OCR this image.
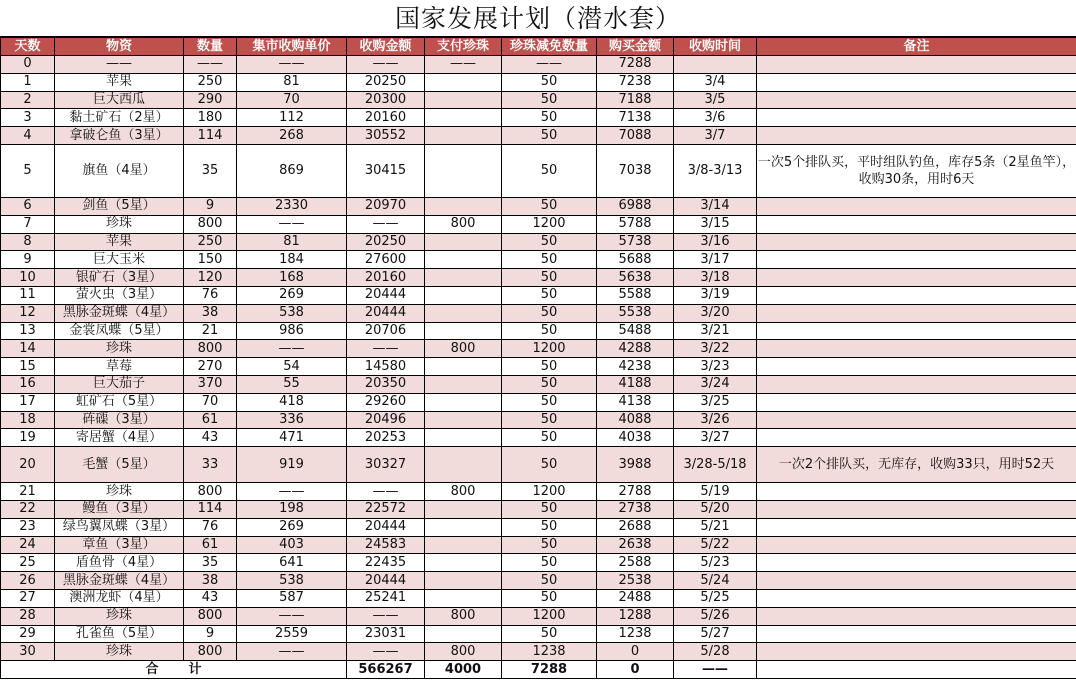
国家发展计划（潜水套）
天数	物资	数量	集市收购单价	收购金额	支付珍珠	珍珠减免数量	购买金额	收购时间	备注
0	——	——	——	——	——	——	7288		
1	苹果	250	81	20250		50	7238	3/4	
2	巨大西瓜	290	70	20300		50	7188	3/5	
3	黏土矿石（2星）	180	112	20160		50	7138	3/6	
4	拿破仑鱼（3星）	114	268	30552		50	7088	3/7	
5	旗鱼（4星）	35	869	30415		50	7038	3/8-3/13	一次5个排队买，平时组队钓鱼，库存5条（2星鱼竿），收购30条，用时6天
6	剑鱼（5星）	9	2330	20970		50	6988	3/14	
7	珍珠	800	——	——	800	1200	5788	3/15	
8	苹果	250	81	20250		50	5738	3/16	
9	巨大玉米	150	184	27600		50	5688	3/17	
10	银矿石（3星）	120	168	20160		50	5638	3/18	
11	萤火虫（3星）	76	269	20444		50	5588	3/19	
12	黑脉金斑蝶（4星）	38	538	20444		50	5538	3/20	
13	金裳凤蝶（5星）	21	986	20706		50	5488	3/21	
14	珍珠	800	——	——	800	1200	4288	3/22	
15	草莓	270	54	14580		50	4238	3/23	
16	巨大茄子	370	55	20350		50	4188	3/24	
17	虹矿石（5星）	70	418	29260		50	4138	3/25	
18	砗磲（3星）	61	336	20496		50	4088	3/26	
19	寄居蟹（4星）	43	471	20253		50	4038	3/27	
20	毛蟹（5星）	33	919	30327		50	3988	3/28-5/18	一次2个排队买，无库存，收购33只，用时52天
21	珍珠	800	——	——	800	1200	2788	5/19	
22	鳗鱼（3星）	114	198	22572		50	2738	5/20	
23	绿鸟翼凤蝶（3星）	76	269	20444		50	2688	5/21	
24	章鱼（3星）	61	403	24583		50	2638	5/22	
25	盾鱼骨（4星）	35	641	22435		50	2588	5/23	
26	黑脉金斑蝶（4星）	38	538	20444		50	2538	5/24	
27	澳洲龙虾（4星）	43	587	25241		50	2488	5/25	
28	珍珠	800	——	——	800	1200	1288	5/26	
29	孔雀鱼（5星）	9	2559	23031		50	1238	5/27	
30	珍珠	800	——	——	800	1238	0	5/28	
合计				566267	4000	7288	0	——	
